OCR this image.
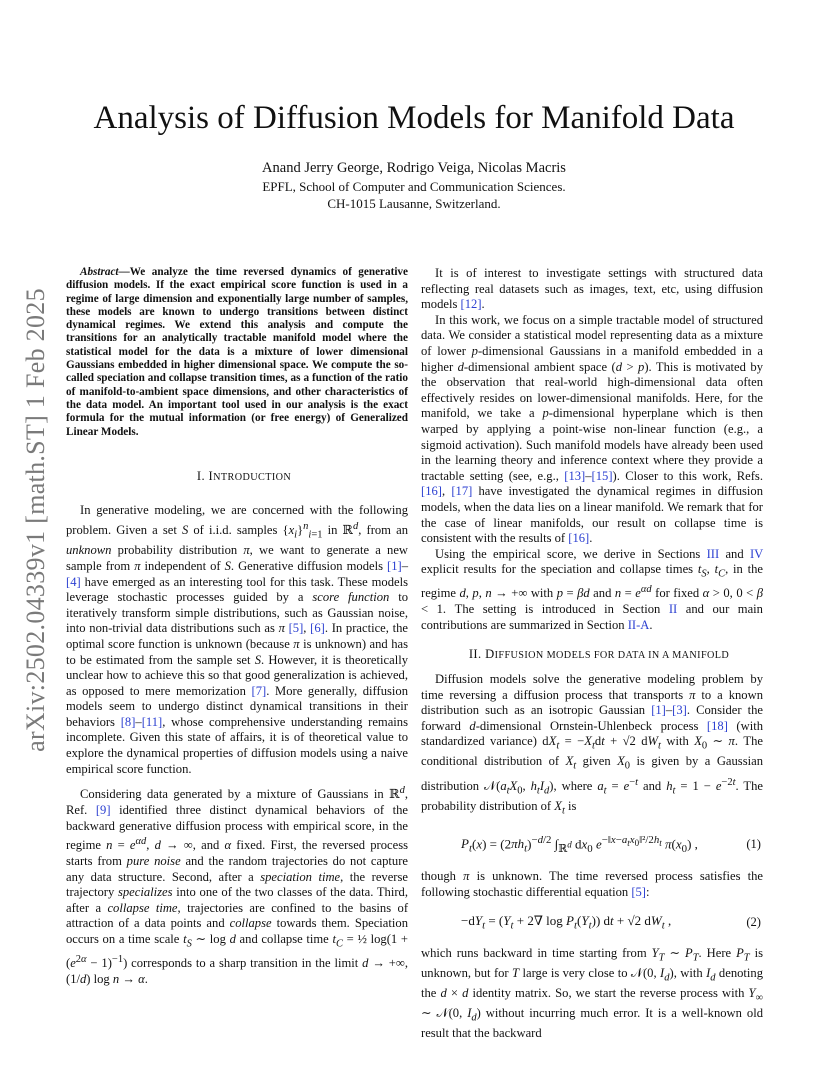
arXiv:2502.04339v1 [math.ST] 1 Feb 2025
Analysis of Diffusion Models for Manifold Data
Anand Jerry George, Rodrigo Veiga, Nicolas Macris
EPFL, School of Computer and Communication Sciences.
CH-1015 Lausanne, Switzerland.

Abstract—We analyze the time reversed dynamics of generative diffusion models. If the exact empirical score function is used in a regime of large dimension and exponentially large number of samples, these models are known to undergo transitions between distinct dynamical regimes. We extend this analysis and compute the transitions for an analytically tractable manifold model where the statistical model for the data is a mixture of lower dimensional Gaussians embedded in higher dimensional space. We compute the so-called speciation and collapse transition times, as a function of the ratio of manifold-to-ambient space dimensions, and other characteristics of the data model. An important tool used in our analysis is the exact formula for the mutual information (or free energy) of Generalized Linear Models.

I. INTRODUCTION

In generative modeling, we are concerned with the following problem. Given a set S of i.i.d. samples $\{x_i\}^n_{i=1}$ in ℝ$^d$, from an unknown probability distribution π, we want to generate a new sample from π independent of S. Generative diffusion models [1]–[4] have emerged as an interesting tool for this task. These models leverage stochastic processes guided by a score function to iteratively transform simple distributions, such as Gaussian noise, into non-trivial data distributions such as π [5], [6]. In practice, the optimal score function is unknown (because π is unknown) and has to be estimated from the sample set S. However, it is theoretically unclear how to achieve this so that good generalization is achieved, as opposed to mere memorization [7]. More generally, diffusion models seem to undergo distinct dynamical transitions in their behaviors [8]–[11], whose comprehensive understanding remains incomplete. Given this state of affairs, it is of theoretical value to explore the dynamical properties of diffusion models using a naive empirical score function.

Considering data generated by a mixture of Gaussians in ℝ$^d$, Ref. [9] identified three distinct dynamical behaviors of the backward generative diffusion process with empirical score, in the regime $n = e^{\alpha d}$, d → ∞, and α fixed. First, the reversed process starts from pure noise and the random trajectories do not capture any data structure. Second, after a speciation time, the reverse trajectory specializes into one of the two classes of the data. Third, after a collapse time, trajectories are confined to the basins of attraction of a data points and collapse towards them. Speciation occurs on a time scale $t_S$ ∼ log d and collapse time $t_C$ = ½ $\log(1 + (e^{2\alpha} - 1)^{-1})$ corresponds to a sharp transition in the limit d → +∞, (1/d) log n → α.

It is of interest to investigate settings with structured data reflecting real datasets such as images, text, etc, using diffusion models [12].

In this work, we focus on a simple tractable model of structured data. We consider a statistical model representing data as a mixture of lower p-dimensional Gaussians in a manifold embedded in a higher d-dimensional ambient space (d > p). This is motivated by the observation that real-world high-dimensional data often effectively resides on lower-dimensional manifolds. Here, for the manifold, we take a p-dimensional hyperplane which is then warped by applying a point-wise non-linear function (e.g., a sigmoid activation). Such manifold models have already been used in the learning theory and inference context where they provide a tractable setting (see, e.g., [13]–[15]). Closer to this work, Refs. [16], [17] have investigated the dynamical regimes in diffusion models, when the data lies on a linear manifold. We remark that for the case of linear manifolds, our result on collapse time is consistent with the results of [16].

Using the empirical score, we derive in Sections III and IV explicit results for the speciation and collapse times $t_S$, $t_C$, in the regime d, p, n → +∞ with p = βd and $n = e^{\alpha d}$ for fixed α > 0, 0 < β < 1. The setting is introduced in Section II and our main contributions are summarized in Section II-A.

II. DIFFUSION MODELS FOR DATA IN A MANIFOLD

Diffusion models solve the generative modeling problem by time reversing a diffusion process that transports π to a known distribution such as an isotropic Gaussian [1]–[3]. Consider the forward d-dimensional Ornstein-Uhlenbeck process [18] (with standardized variance) $dX_t = -X_tdt + √2$ $dW_t$ with $X_0$ ∼ π. The conditional distribution of $X_t$ given $X_0$ is given by a Gaussian distribution $𝒩(a_tX_0$, $h_tI_d$), where $a_t = e^{-t}$ and $h_t = 1 - e^{-2t}$. The probability distribution of $X_t$ is

$P_t(x) = (2\pi h_t)^{-d/2}$ $\int_{ℝ^d}$ $dx_0$ $e^{-‖x-a_tx_0‖^2/2h_t}$ $\pi(x_0)$ ,	(1)

though π is unknown. The time reversed process satisfies the following stochastic differential equation [5]:

$-dY_t = (Y_t + 2\nabla$ $\log P_t(Y_t)$) dt + √2 $dW_t$ ,	(2)

which runs backward in time starting from $Y_T$ ∼ $P_T$. Here $P_T$ is unknown, but for T large is very close to 𝒩(0, $I_d$), with $I_d$ denoting the d × d identity matrix. So, we start the reverse process with $Y_\infty$ ∼ 𝒩(0, $I_d$) without incurring much error. It is a well-known old result that the backward
